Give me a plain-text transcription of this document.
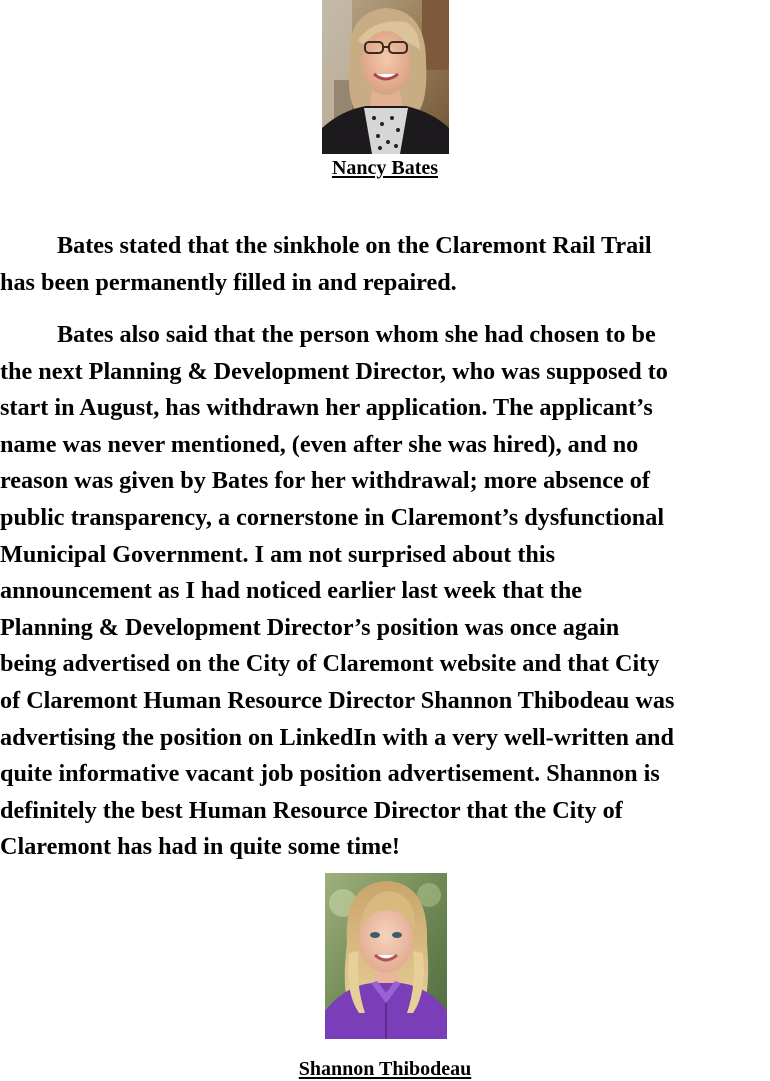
Nancy Bates

Bates stated that the sinkhole on the Claremont Rail Trail
has been permanently filled in and repaired.

Bates also said that the person whom she had chosen to be
the next Planning & Development Director, who was supposed to
start in August, has withdrawn her application. The applicant’s
name was never mentioned, (even after she was hired), and no
reason was given by Bates for her withdrawal; more absence of
public transparency, a cornerstone in Claremont’s dysfunctional
Municipal Government. I am not surprised about this
announcement as I had noticed earlier last week that the
Planning & Development Director’s position was once again
being advertised on the City of Claremont website and that City
of Claremont Human Resource Director Shannon Thibodeau was
advertising the position on LinkedIn with a very well-written and
quite informative vacant job position advertisement. Shannon is
definitely the best Human Resource Director that the City of
Claremont has had in quite some time!

Shannon Thibodeau
